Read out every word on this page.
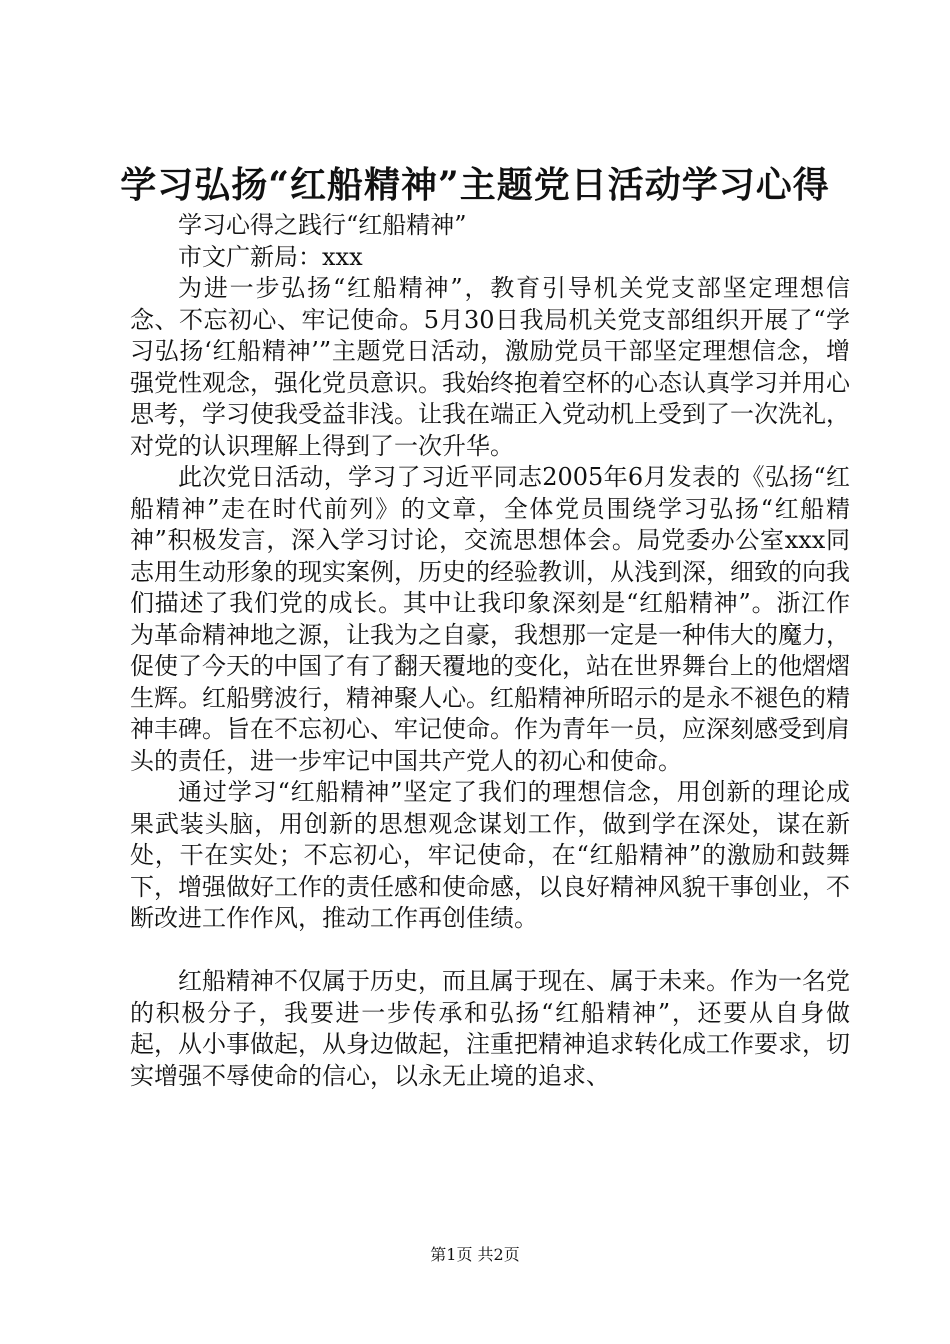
学习弘扬“红船精神”主题党日活动学习心得

学习心得之践行“红船精神”

市文广新局：xxx

为进一步弘扬“红船精神”，教育引导机关党支部坚定理想信念、不忘初心、牢记使命。5月30日我局机关党支部组织开展了“学习弘扬‘红船精神’”主题党日活动，激励党员干部坚定理想信念，增强党性观念，强化党员意识。我始终抱着空杯的心态认真学习并用心思考，学习使我受益非浅。让我在端正入党动机上受到了一次洗礼，对党的认识理解上得到了一次升华。

此次党日活动，学习了习近平同志2005年6月发表的《弘扬“红船精神”走在时代前列》的文章，全体党员围绕学习弘扬“红船精神”积极发言，深入学习讨论，交流思想体会。局党委办公室xxx同志用生动形象的现实案例，历史的经验教训，从浅到深，细致的向我们描述了我们党的成长。其中让我印象深刻是“红船精神”。浙江作为革命精神地之源，让我为之自豪，我想那一定是一种伟大的魔力，促使了今天的中国了有了翻天覆地的变化，站在世界舞台上的他熠熠生辉。红船劈波行，精神聚人心。红船精神所昭示的是永不褪色的精神丰碑。旨在不忘初心、牢记使命。作为青年一员，应深刻感受到肩头的责任，进一步牢记中国共产党人的初心和使命。

通过学习“红船精神”坚定了我们的理想信念，用创新的理论成果武装头脑，用创新的思想观念谋划工作，做到学在深处，谋在新处，干在实处；不忘初心，牢记使命，在“红船精神”的激励和鼓舞下，增强做好工作的责任感和使命感，以良好精神风貌干事创业，不断改进工作作风，推动工作再创佳绩。

红船精神不仅属于历史，而且属于现在、属于未来。作为一名党的积极分子，我要进一步传承和弘扬“红船精神”，还要从自身做起，从小事做起，从身边做起，注重把精神追求转化成工作要求，切实增强不辱使命的信心，以永无止境的追求、

第1页 共2页
